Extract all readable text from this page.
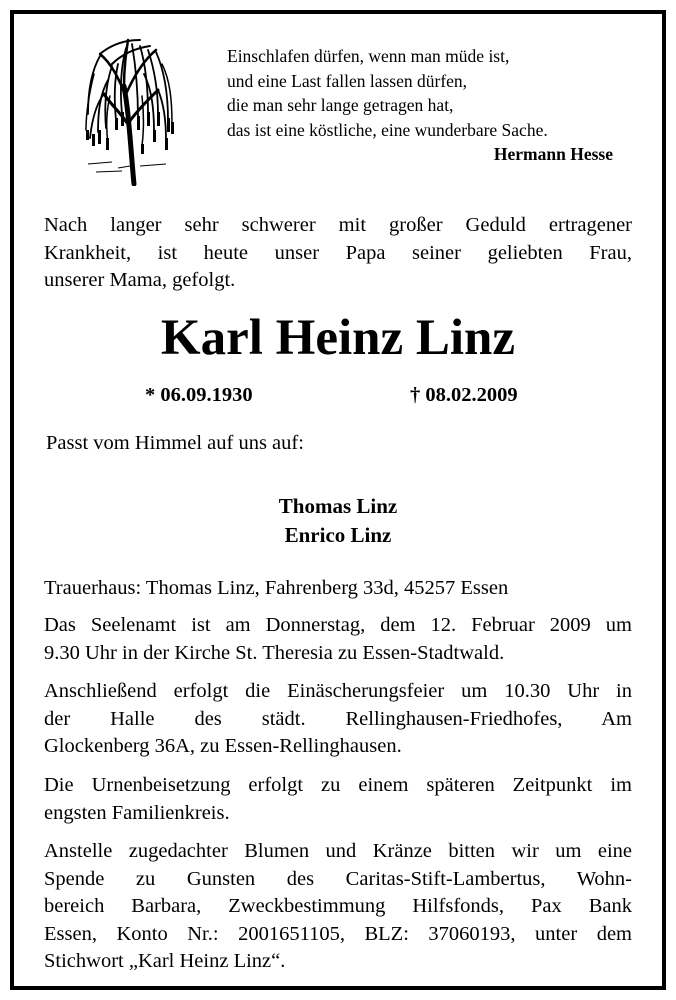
Einschlafen dürfen, wenn man müde ist,
und eine Last fallen lassen dürfen,
die man sehr lange getragen hat,
das ist eine köstliche, eine wunderbare Sache.
Hermann Hesse
Nach langer sehr schwerer mit großer Geduld ertragener
Krankheit, ist heute unser Papa seiner geliebten Frau,
unserer Mama, gefolgt.
Karl Heinz Linz
* 06.09.1930	† 08.02.2009
Passt vom Himmel auf uns auf:
Thomas Linz
Enrico Linz
Trauerhaus: Thomas Linz, Fahrenberg 33d, 45257 Essen
Das Seelenamt ist am Donnerstag, dem 12. Februar 2009 um
9.30 Uhr in der Kirche St. Theresia zu Essen-Stadtwald.
Anschließend erfolgt die Einäscherungsfeier um 10.30 Uhr in
der Halle des städt. Rellinghausen-Friedhofes, Am
Glockenberg 36A, zu Essen-Rellinghausen.
Die Urnenbeisetzung erfolgt zu einem späteren Zeitpunkt im
engsten Familienkreis.
Anstelle zugedachter Blumen und Kränze bitten wir um eine
Spende zu Gunsten des Caritas-Stift-Lambertus, Wohn-
bereich Barbara, Zweckbestimmung Hilfsfonds, Pax Bank
Essen, Konto Nr.: 2001651105, BLZ: 37060193, unter dem
Stichwort „Karl Heinz Linz“.
